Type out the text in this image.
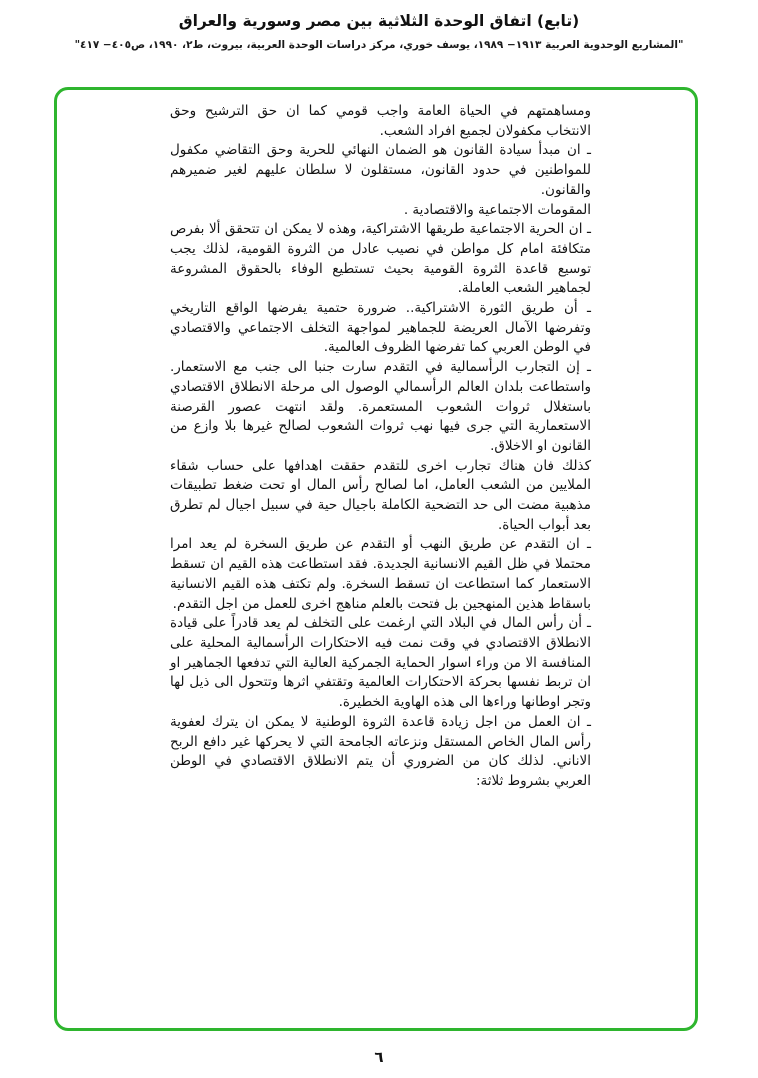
(تابع) اتفاق الوحدة الثلاثية بين مصر وسورية والعراق
"المشاريع الوحدوية العربية ١٩١٣− ١٩٨٩، يوسف خوري، مركز دراسات الوحدة العربية، بيروت، ط٢، ١٩٩٠، ص٤٠٥− ٤١٧"

ومساهمتهم في الحياة العامة واجب قومي كما ان حق الترشيح وحق الانتخاب مكفولان لجميع افراد الشعب.

ـ ان مبدأ سيادة القانون هو الضمان النهائي للحرية وحق التقاضي مكفول للمواطنين في حدود القانون، مستقلون لا سلطان عليهم لغير ضميرهم والقانون.

المقومات الاجتماعية والاقتصادية .

ـ ان الحرية الاجتماعية طريقها الاشتراكية، وهذه لا يمكن ان تتحقق ألا بفرص متكافئة امام كل مواطن في نصيب عادل من الثروة القومية، لذلك يجب توسيع قاعدة الثروة القومية بحيث تستطيع الوفاء بالحقوق المشروعة لجماهير الشعب العاملة.

ـ أن طريق الثورة الاشتراكية.. ضرورة حتمية يفرضها الواقع التاريخي وتفرضها الآمال العريضة للجماهير لمواجهة التخلف الاجتماعي والاقتصادي في الوطن العربي كما تفرضها الظروف العالمية.

ـ إن التجارب الرأسمالية في التقدم سارت جنبا الى جنب مع الاستعمار. واستطاعت بلدان العالم الرأسمالي الوصول الى مرحلة الانطلاق الاقتصادي باستغلال ثروات الشعوب المستعمرة. ولقد انتهت عصور القرصنة الاستعمارية التي جرى فيها نهب ثروات الشعوب لصالح غيرها بلا وازع من القانون او الاخلاق.

كذلك فان هناك تجارب اخرى للتقدم حققت اهدافها على حساب شقاء الملايين من الشعب العامل، اما لصالح رأس المال او تحت ضغط تطبيقات مذهبية مضت الى حد التضحية الكاملة باجيال حية في سبيل اجيال لم تطرق بعد أبواب الحياة.

ـ ان التقدم عن طريق النهب أو التقدم عن طريق السخرة لم يعد امرا محتملا في ظل القيم الانسانية الجديدة. فقد استطاعت هذه القيم ان تسقط الاستعمار كما استطاعت ان تسقط السخرة. ولم تكتف هذه القيم الانسانية باسقاط هذين المنهجين بل فتحت بالعلم مناهج اخرى للعمل من اجل التقدم.

ـ أن رأس المال في البلاد التي ارغمت على التخلف لم يعد قادراً على قيادة الانطلاق الاقتصادي في وقت نمت فيه الاحتكارات الرأسمالية المحلية على المنافسة الا من وراء اسوار الحماية الجمركية العالية التي تدفعها الجماهير او ان تربط نفسها بحركة الاحتكارات العالمية وتقتفي اثرها وتتحول الى ذيل لها وتجر اوطانها وراءها الى هذه الهاوية الخطيرة.

ـ ان العمل من اجل زيادة قاعدة الثروة الوطنية لا يمكن ان يترك لعفوية رأس المال الخاص المستقل ونزعاته الجامحة التي لا يحركها غير دافع الربح الاناني. لذلك كان من الضروري أن يتم الانطلاق الاقتصادي في الوطن العربي بشروط ثلاثة:

٦
